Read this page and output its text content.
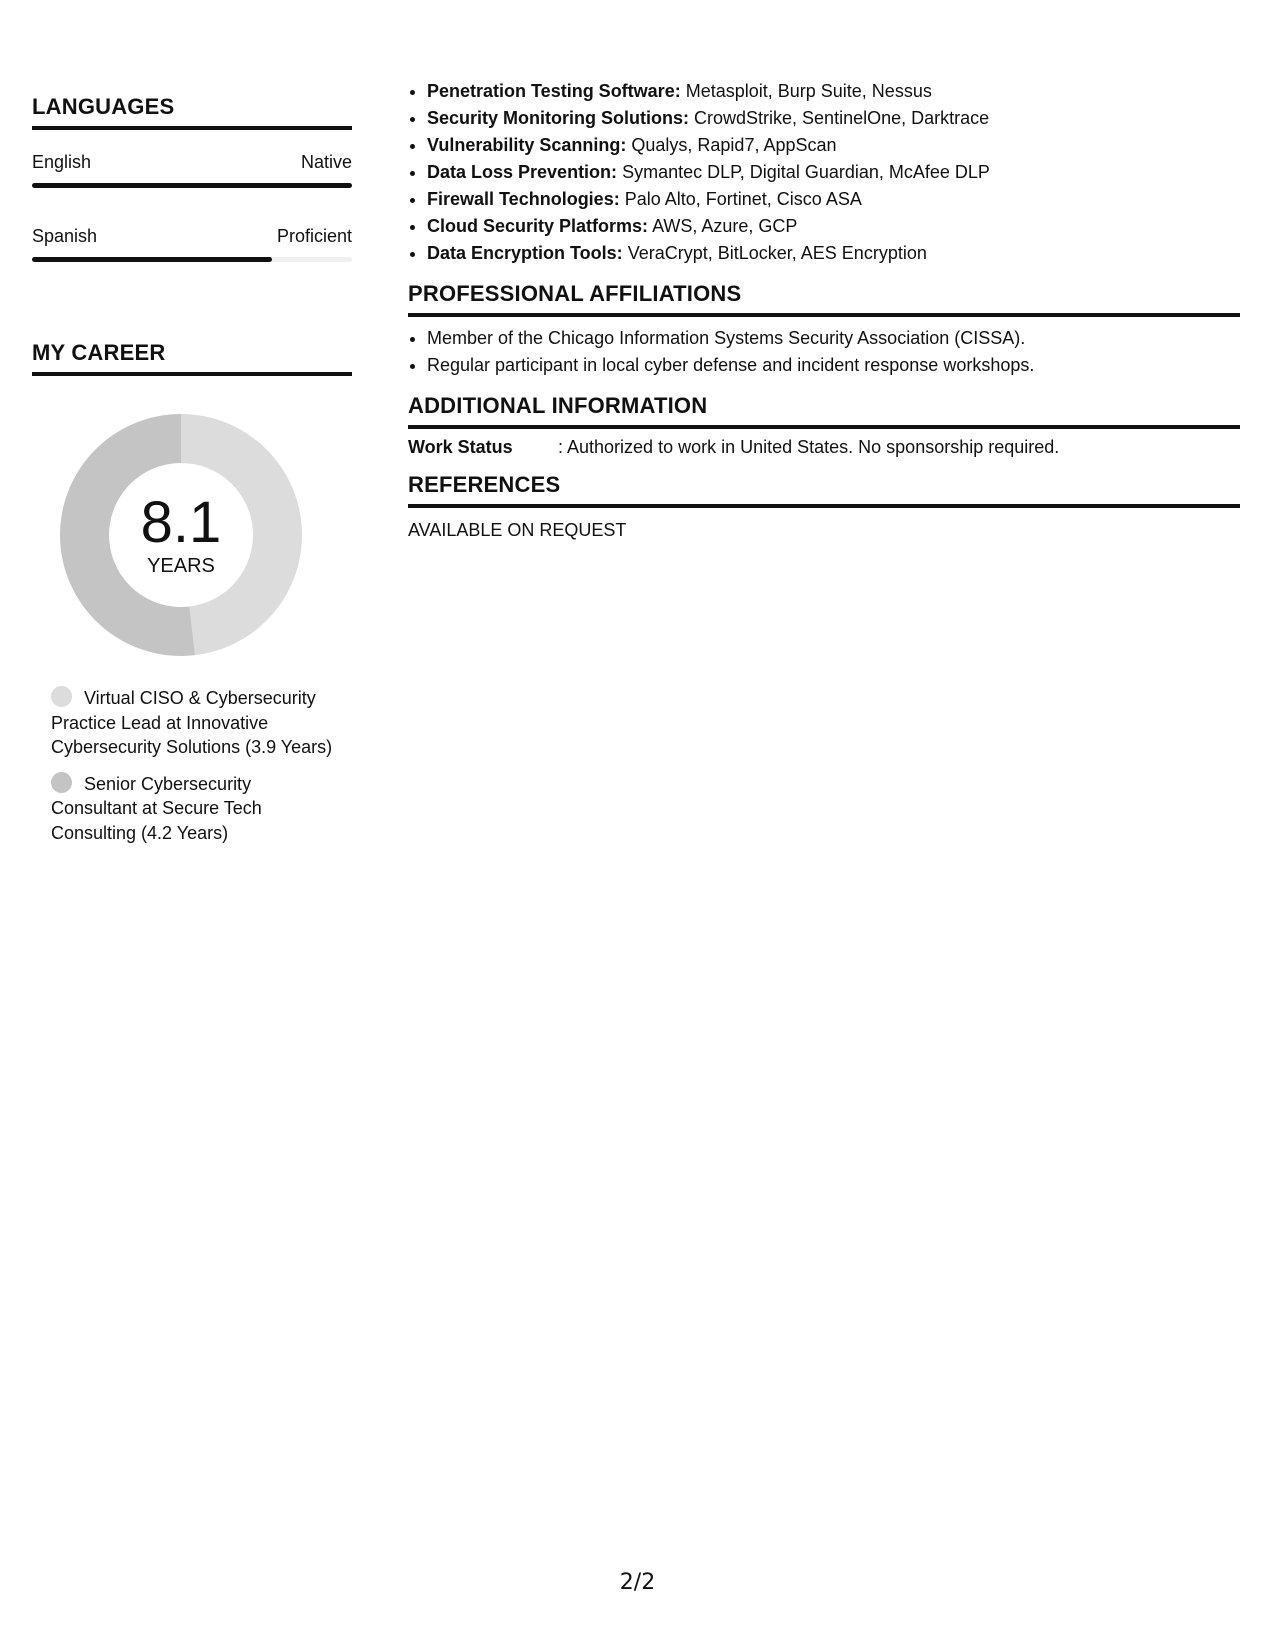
LANGUAGES
English	Native
Spanish	Proficient
MY CAREER
8.1
YEARS
Virtual CISO & Cybersecurity Practice Lead at Innovative Cybersecurity Solutions (3.9 Years)
Senior Cybersecurity Consultant at Secure Tech Consulting (4.2 Years)
• Penetration Testing Software: Metasploit, Burp Suite, Nessus
• Security Monitoring Solutions: CrowdStrike, SentinelOne, Darktrace
• Vulnerability Scanning: Qualys, Rapid7, AppScan
• Data Loss Prevention: Symantec DLP, Digital Guardian, McAfee DLP
• Firewall Technologies: Palo Alto, Fortinet, Cisco ASA
• Cloud Security Platforms: AWS, Azure, GCP
• Data Encryption Tools: VeraCrypt, BitLocker, AES Encryption
PROFESSIONAL AFFILIATIONS
• Member of the Chicago Information Systems Security Association (CISSA).
• Regular participant in local cyber defense and incident response workshops.
ADDITIONAL INFORMATION
Work Status	: Authorized to work in United States. No sponsorship required.
REFERENCES
AVAILABLE ON REQUEST
2/2
